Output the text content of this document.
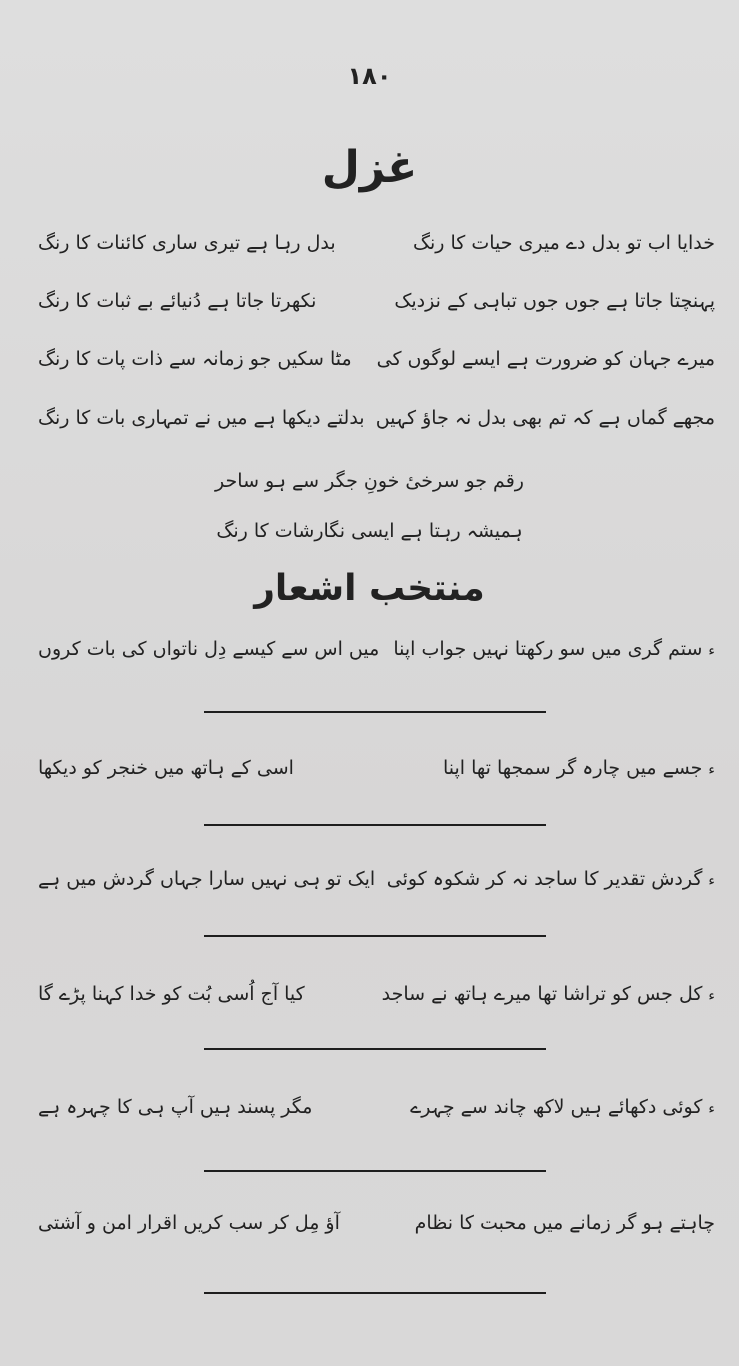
۱۸۰
غزل
خدایا اب تو بدل دے میری حیات کا رنگ
بدل رہا ہے تیری ساری کائنات کا رنگ
پہنچتا جاتا ہے جوں جوں تباہی کے نزدیک
نکھرتا جاتا ہے دُنیائے بے ثبات کا رنگ
میرے جہان کو ضرورت ہے ایسے لوگوں کی
مٹا سکیں جو زمانہ سے ذات پات کا رنگ
مجھے گماں ہے کہ تم بھی بدل نہ جاؤ کہیں
بدلتے دیکھا ہے میں نے تمہاری بات کا رنگ
رقم جو سرخیٔ خونِ جگر سے ہو ساحر
ہمیشہ رہتا ہے ایسی نگارشات کا رنگ
منتخب اشعار
ءستم گری میں سو رکھتا نہیں جواب اپنا
میں اس سے کیسے دِل ناتواں کی بات کروں
ءجسے میں چارہ گر سمجھا تھا اپنا
اسی کے ہاتھ میں خنجر کو دیکھا
ءگردش تقدیر کا ساجد نہ کر شکوہ کوئی
ایک تو ہی نہیں سارا جہاں گردش میں ہے
ءکل جس کو تراشا تھا میرے ہاتھ نے ساجد
کیا آج اُسی بُت کو خدا کہنا پڑے گا
ءکوئی دکھائے ہیں لاکھ چاند سے چہرے
مگر پسند ہیں آپ ہی کا چہرہ ہے
چاہتے ہو گر زمانے میں محبت کا نظام
آؤ مِل کر سب کریں اقرار امن و آشتی
